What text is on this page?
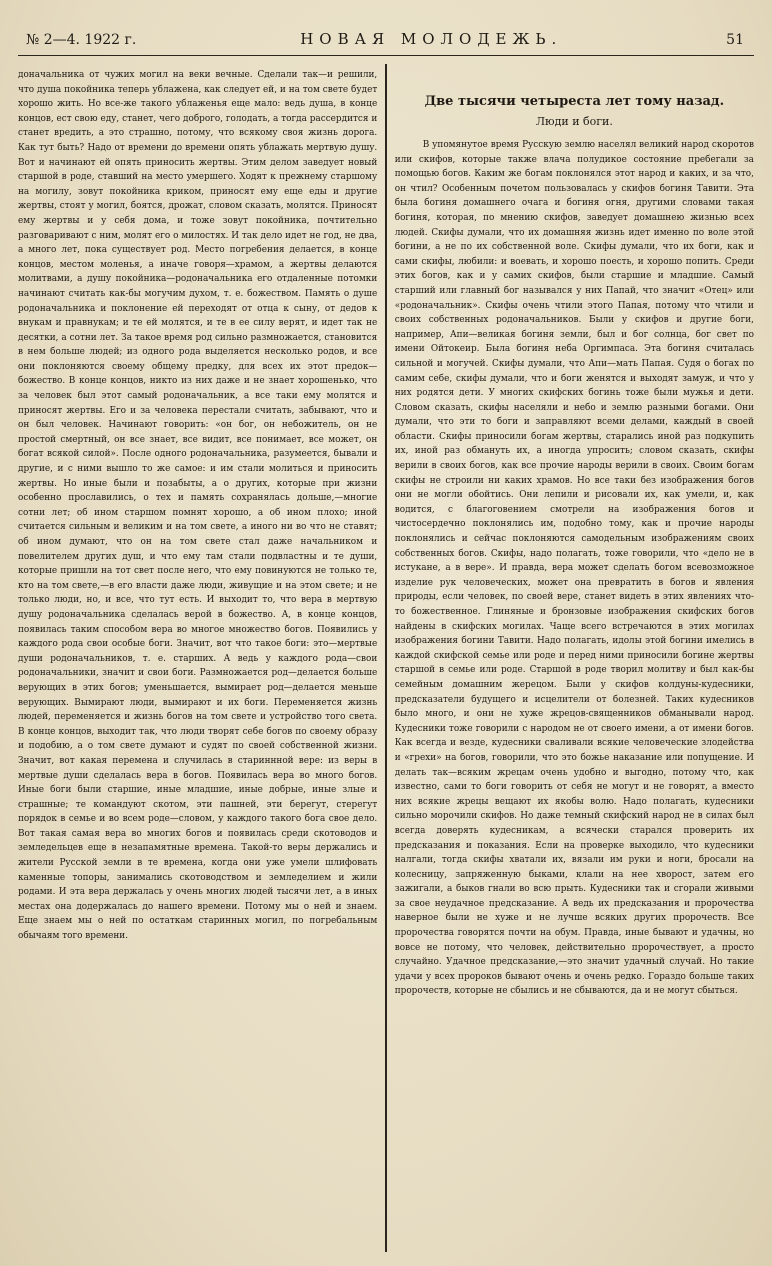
№ 2—4. 1922 г.	НОВАЯ МОЛОДЕЖЬ.	51

доначальника от чужих могил на веки вечные. Сделали так—и решили, что душа покойника теперь ублажена, как следует ей, и на том свете будет хорошо жить. Но все-же такого ублаженья еще мало: ведь душа, в конце концов, ест свою еду, станет, чего доброго, голодать, а тогда рассердится и станет вредить, а это страшно, потому, что всякому своя жизнь дорога. Как тут быть? Надо от времени до времени опять ублажать мертвую душу. Вот и начинают ей опять приносить жертвы. Этим делом заведует новый старшой в роде, ставший на место умершего. Ходят к прежнему старшому на могилу, зовут покойника криком, приносят ему еще еды и другие жертвы, стоят у могил, боятся, дрожат, словом сказать, молятся. Приносят ему жертвы и у себя дома, и тоже зовут покойника, почтительно разговаривают с ним, молят его о милостях. И так дело идет не год, не два, а много лет, пока существует род. Место погребения делается, в конце концов, местом моленья, а иначе говоря—храмом, а жертвы делаются молитвами, а душу покойника—родоначальника его отдаленные потомки начинают считать как-бы могучим духом, т. е. божеством. Память о душе родоначальника и поклонение ей переходят от отца к сыну, от дедов к внукам и правнукам; и те ей молятся, и те в ее силу верят, и идет так не десятки, а сотни лет. За такое время род сильно размножается, становится в нем больше людей; из одного рода выделяется несколько родов, и все они поклоняются своему общему предку, для всех их этот предок—божество. В конце концов, никто из них даже и не знает хорошенько, что за человек был этот самый родоначальник, а все таки ему молятся и приносят жертвы. Его и за человека перестали считать, забывают, что и он был человек. Начинают говорить: «он бог, он небожитель, он не простой смертный, он все знает, все видит, все понимает, все может, он богат всякой силой». После одного родоначальника, разумеется, бывали и другие, и с ними вышло то же самое: и им стали молиться и приносить жертвы. Но иные были и позабыты, а о других, которые при жизни особенно прославились, о тех и память сохранялась дольше,—многие сотни лет; об ином старшом помнят хорошо, а об ином плохо; иной считается сильным и великим и на том свете, а иного ни во что не ставят; об ином думают, что он на том свете стал даже начальником и повелителем других душ, и что ему там стали подвластны и те души, которые пришли на тот свет после него, что ему повинуются не только те, кто на том свете,—в его власти даже люди, живущие и на этом свете; и не только люди, но, и все, что тут есть. И выходит то, что вера в мертвую душу родоначальника сделалась верой в божество. А, в конце концов, появилась таким способом вера во многое множество богов. Появились у каждого рода свои особые боги. Значит, вот что такое боги: это—мертвые души родоначальников, т. е. старших. А ведь у каждого рода—свои родоначальники, значит и свои боги. Размножается род—делается больше верующих в этих богов; уменьшается, вымирает род—делается меньше верующих. Вымирают люди, вымирают и их боги. Переменяется жизнь людей, переменяется и жизнь богов на том свете и устройство того света. В конце концов, выходит так, что люди творят себе богов по своему образу и подобию, а о том свете думают и судят по своей собственной жизни. Значит, вот какая перемена и случилась в стариннной вере: из веры в мертвые души сделалась вера в богов. Появилась вера во много богов. Иные боги были старшие, иные младшие, иные добрые, иные злые и страшные; те командуют скотом, эти пашней, эти берегут, стерегут порядок в семье и во всем роде—словом, у каждого такого бога свое дело. Вот такая самая вера во многих богов и появилась среди скотоводов и земледельцев еще в незапамятные времена. Такой-то веры держались и жители Русской земли в те времена, когда они уже умели шлифовать каменные топоры, занимались скотоводством и земледелием и жили родами. И эта вера держалась у очень многих людей тысячи лет, а в иных местах она додержалась до нашего времени. Потому мы о ней и знаем. Еще знаем мы о ней по остаткам старинных могил, по погребальным обычаям того времени.

Две тысячи четыреста лет тому назад.
Люди и боги.

В упомянутое время Русскую землю населял великий народ скоротов или скифов, которые также влача полудикое состояние пребегали за помощью богов. Каким же богам поклонялся этот народ и каких, и за что, он чтил? Особенным почетом пользовалась у скифов богиня Тавити. Эта была богиня домашнего очага и богиня огня, другими словами такая богиня, которая, по мнению скифов, заведует домашнею жизнью всех людей. Скифы думали, что их домашняя жизнь идет именно по воле этой богини, а не по их собственной воле. Скифы думали, что их боги, как и сами скифы, любили: и воевать, и хорошо поесть, и хорошо попить. Среди этих богов, как и у самих скифов, были старшие и младшие. Самый старший или главный бог назывался у них Папай, что значит «Отец» или «родоначальник». Скифы очень чтили этого Папая, потому что чтили и своих собственных родоначальников. Были у скифов и другие боги, например, Апи—великая богиня земли, был и бог солнца, бог свет по имени Ойтокеир. Была богиня неба Оргимпаса. Эта богиня считалась сильной и могучей. Скифы думали, что Апи—мать Папая. Судя о богах по самим себе, скифы думали, что и боги женятся и выходят замуж, и что у них родятся дети. У многих скифских богинь тоже были мужья и дети. Словом сказать, скифы населяли и небо и землю разными богами. Они думали, что эти то боги и заправляют всеми делами, каждый в своей области. Скифы приносили богам жертвы, старались иной раз подкупить их, иной раз обмануть их, а иногда упросить; словом сказать, скифы верили в своих богов, как все прочие народы верили в своих. Своим богам скифы не строили ни каких храмов. Но все таки без изображения богов они не могли обойтись. Они лепили и рисовали их, как умели, и, как водится, с благоговением смотрели на изображения богов и чистосердечно поклонялись им, подобно тому, как и прочие народы поклонялись и сейчас поклоняются самодельным изображениям своих собственных богов. Скифы, надо полагать, тоже говорили, что «дело не в истукане, а в вере». И правда, вера может сделать богом всевозможное изделие рук человеческих, может она превратить в богов и явления природы, если человек, по своей вере, станет видеть в этих явлениях что-то божественное. Глиняные и бронзовые изображения скифских богов найдены в скифских могилах. Чаще всего встречаются в этих могилах изображения богини Тавити. Надо полагать, идолы этой богини имелись в каждой скифской семье или роде и перед ними приносили богине жертвы старшой в семье или роде. Старшой в роде творил молитву и был как-бы семейным домашним жерецом. Были у скифов колдуны-кудесники, предсказатели будущего и исцелители от болезней. Таких кудесников было много, и они не хуже жрецов-священников обманывали народ. Кудесники тоже говорили с народом не от своего имени, а от имени богов. Как всегда и везде, кудесники сваливали всякие человеческие злодейства и «грехи» на богов, говорили, что это божье наказание или попущение. И делать так—всяким жрецам очень удобно и выгодно, потому что, как известно, сами то боги говорить от себя не могут и не говорят, а вместо них всякие жрецы вещают их якобы волю. Надо полагать, кудесники сильно морочили скифов. Но даже темный скифский народ не в силах был всегда доверять кудесникам, а всячески старался проверить их предсказания и показания. Если на проверке выходило, что кудесники налгали, тогда скифы хватали их, вязали им руки и ноги, бросали на колесницу, запряженную быками, клали на нее хворост, затем его зажигали, а быков гнали во всю прыть. Кудесники так и сгорали живыми за свое неудачное предсказание. А ведь их предсказания и пророчества наверное были не хуже и не лучше всяких других пророчеств. Все пророчества говорятся почти на обум. Правда, иные бывают и удачны, но вовсе не потому, что человек, действительно пророчествует, а просто случайно. Удачное предсказание,—это значит удачный случай. Но такие удачи у всех пророков бывают очень и очень редко. Гораздо больше таких пророчеств, которые не сбылись и не сбываются, да и не могут сбыться.
